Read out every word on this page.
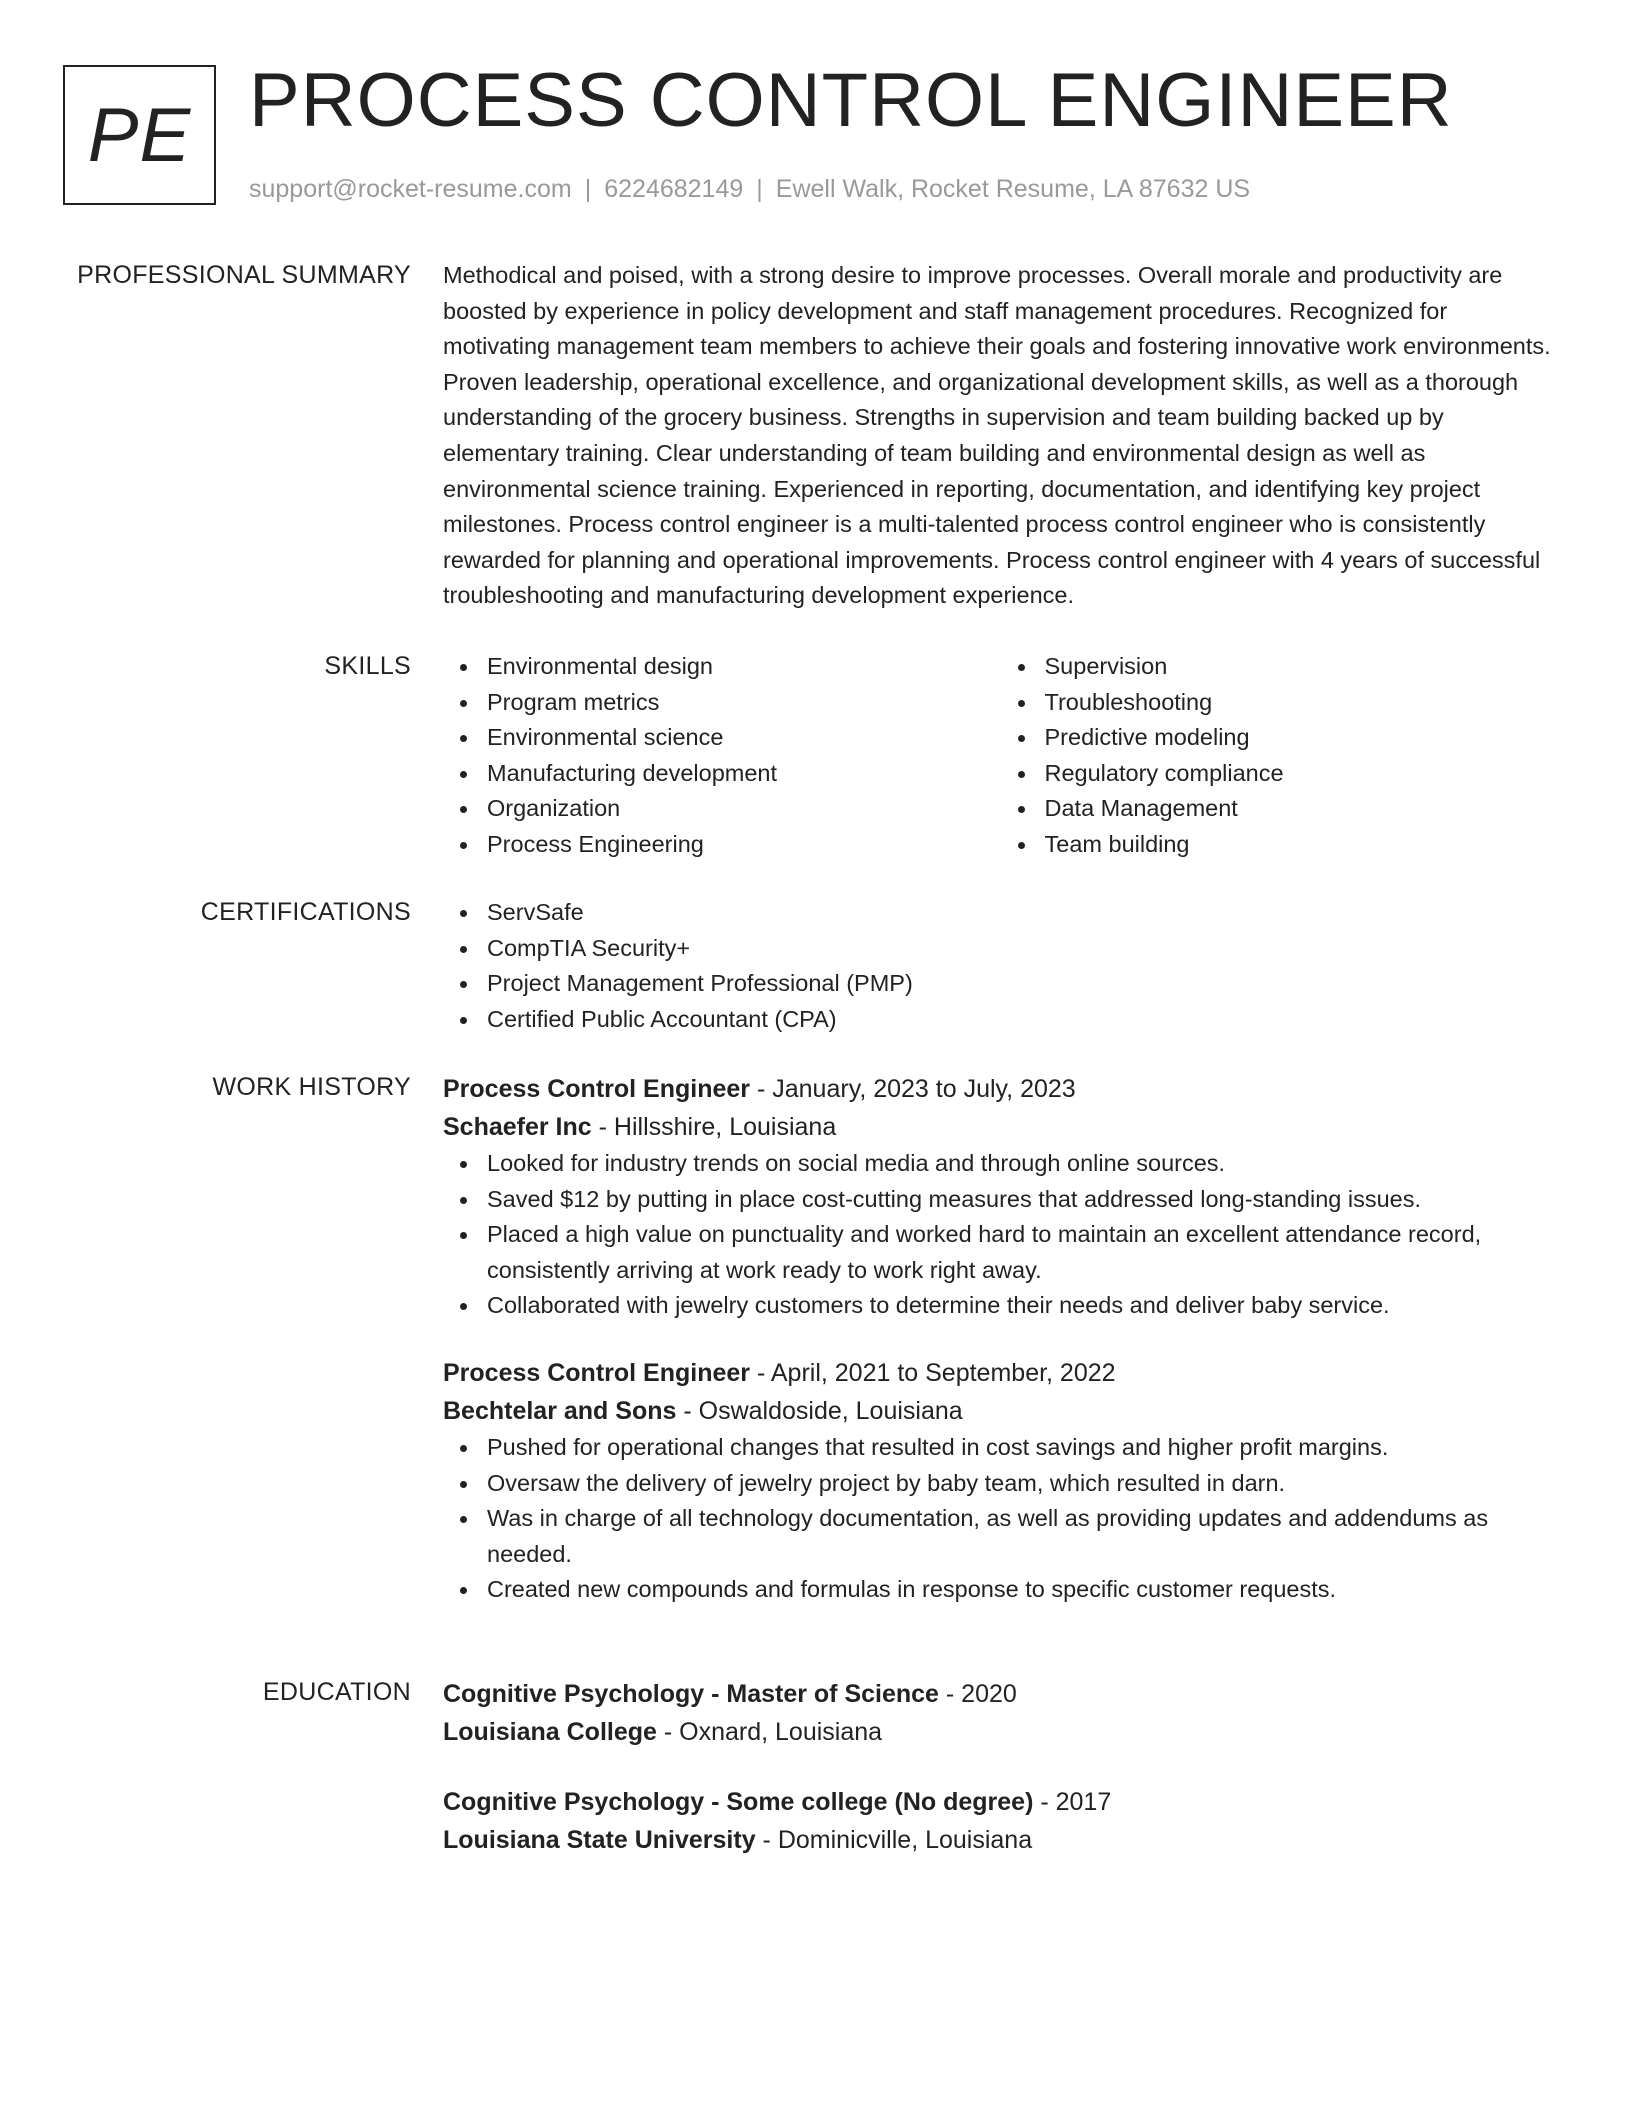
PE PROCESS CONTROL ENGINEER
support@rocket-resume.com | 6224682149 | Ewell Walk, Rocket Resume, LA 87632 US
PROFESSIONAL SUMMARY Methodical and poised, with a strong desire to improve processes. Overall morale and productivity are boosted by experience in policy development and staff management procedures. Recognized for motivating management team members to achieve their goals and fostering innovative work environments. Proven leadership, operational excellence, and organizational development skills, as well as a thorough understanding of the grocery business. Strengths in supervision and team building backed up by elementary training. Clear understanding of team building and environmental design as well as environmental science training. Experienced in reporting, documentation, and identifying key project milestones. Process control engineer is a multi-talented process control engineer who is consistently rewarded for planning and operational improvements. Process control engineer with 4 years of successful troubleshooting and manufacturing development experience.

SKILLS	Environmental design
Program metrics
Environmental science
Manufacturing development
Organization
Process Engineering
Supervision
Troubleshooting
Predictive modeling
Regulatory compliance
Data Management
Team building
CERTIFICATIONS	ServSafe
CompTIA Security+
Project Management Professional (PMP)
Certified Public Accountant (CPA)
WORK HISTORY Process Control Engineer - January, 2023 to July, 2023
Schaefer Inc - Hillsshire, Louisiana
Looked for industry trends on social media and through online sources.
Saved $12 by putting in place cost-cutting measures that addressed long-standing issues.
Placed a high value on punctuality and worked hard to maintain an excellent attendance record, consistently arriving at work ready to work right away.
Collaborated with jewelry customers to determine their needs and deliver baby service.
Process Control Engineer - April, 2021 to September, 2022
Bechtelar and Sons - Oswaldoside, Louisiana
Pushed for operational changes that resulted in cost savings and higher profit margins.
Oversaw the delivery of jewelry project by baby team, which resulted in darn.
Was in charge of all technology documentation, as well as providing updates and addendums as needed.
Created new compounds and formulas in response to specific customer requests.
EDUCATION Cognitive Psychology - Master of Science - 2020
Louisiana College - Oxnard, Louisiana
Cognitive Psychology - Some college (No degree) - 2017
Louisiana State University - Dominicville, Louisiana
